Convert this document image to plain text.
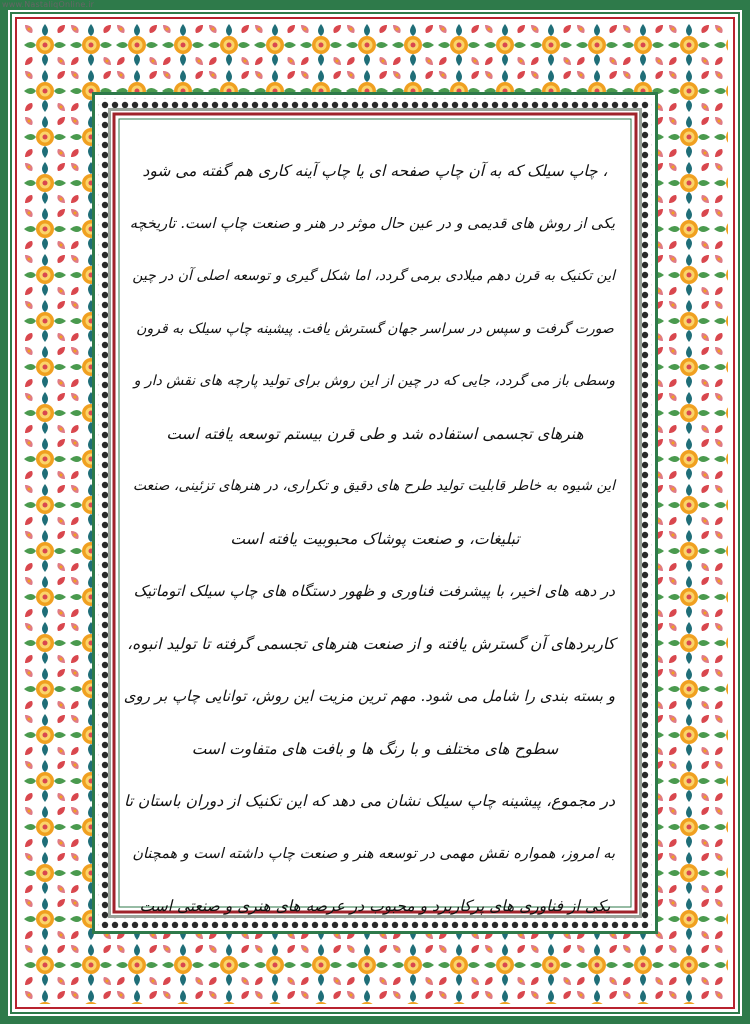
www.NastaliqOnline.ir
، چاپ سیلک که به آن چاپ صفحه ای یا چاپ آینه کاری هم گفته می شود
یکی از روش های قدیمی و در عین حال موثر در هنر و صنعت چاپ است. تاریخچه
این تکنیک به قرن دهم میلادی برمی گردد، اما شکل گیری و توسعه اصلی آن در چین
صورت گرفت و سپس در سراسر جهان گسترش یافت. پیشینه چاپ سیلک به قرون
وسطی باز می گردد، جایی که در چین از این روش برای تولید پارچه های نقش دار و
هنرهای تجسمی استفاده شد و طی قرن بیستم توسعه یافته است
این شیوه به خاطر قابلیت تولید طرح های دقیق و تکراری، در هنرهای تزئینی، صنعت
تبلیغات، و صنعت پوشاک محبوبیت یافته است
در دهه های اخیر، با پیشرفت فناوری و ظهور دستگاه های چاپ سیلک اتوماتیک
کاربردهای آن گسترش یافته و از صنعت هنرهای تجسمی گرفته تا تولید انبوه،
و بسته بندی را شامل می شود. مهم ترین مزیت این روش، توانایی چاپ بر روی
سطوح های مختلف و با رنگ ها و بافت های متفاوت است
در مجموع، پیشینه چاپ سیلک نشان می دهد که این تکنیک از دوران باستان تا
به امروز، همواره نقش مهمی در توسعه هنر و صنعت چاپ داشته است و همچنان
یکی از فناوری های پرکاربرد و محبوب در عرصه های هنری و صنعتی است
